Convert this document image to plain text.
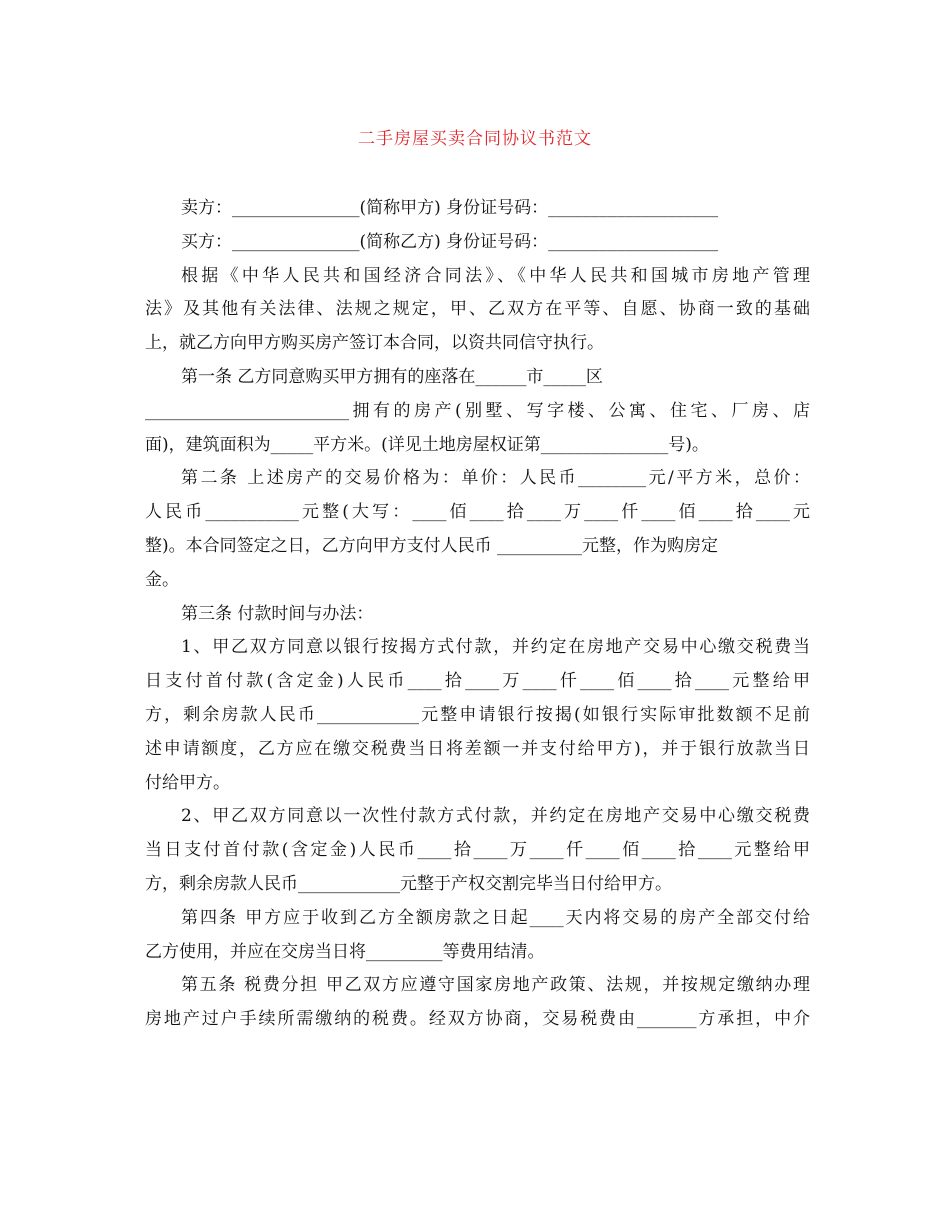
二手房屋买卖合同协议书范文
卖方：_______________(简称甲方) 身份证号码：____________________
买方：_______________(简称乙方) 身份证号码：____________________
根据《中华人民共和国经济合同法》、《中华人民共和国城市房地产管理
法》及其他有关法律、法规之规定，甲、乙双方在平等、自愿、协商一致的基础
上，就乙方向甲方购买房产签订本合同，以资共同信守执行。
第一条 乙方同意购买甲方拥有的座落在______市_____区
________________________拥有的房产(别墅、写字楼、公寓、住宅、厂房、店
面)，建筑面积为_____平方米。(详见土地房屋权证第_______________号)。
第二条 上述房产的交易价格为：单价：人民币________元/平方米，总价：
人民币___________元整(大写：____佰____拾____万____仟____佰____拾____元
整)。本合同签定之日，乙方向甲方支付人民币 __________元整，作为购房定
金。
第三条 付款时间与办法：
1、甲乙双方同意以银行按揭方式付款，并约定在房地产交易中心缴交税费当
日支付首付款(含定金)人民币____拾____万____仟____佰____拾____元整给甲
方，剩余房款人民币____________元整申请银行按揭(如银行实际审批数额不足前
述申请额度，乙方应在缴交税费当日将差额一并支付给甲方)，并于银行放款当日
付给甲方。
2、甲乙双方同意以一次性付款方式付款，并约定在房地产交易中心缴交税费
当日支付首付款(含定金)人民币____拾____万____仟____佰____拾____元整给甲
方，剩余房款人民币____________元整于产权交割完毕当日付给甲方。
第四条 甲方应于收到乙方全额房款之日起____天内将交易的房产全部交付给
乙方使用，并应在交房当日将_________等费用结清。
第五条 税费分担 甲乙双方应遵守国家房地产政策、法规，并按规定缴纳办理
房地产过户手续所需缴纳的税费。经双方协商，交易税费由_______方承担，中介
